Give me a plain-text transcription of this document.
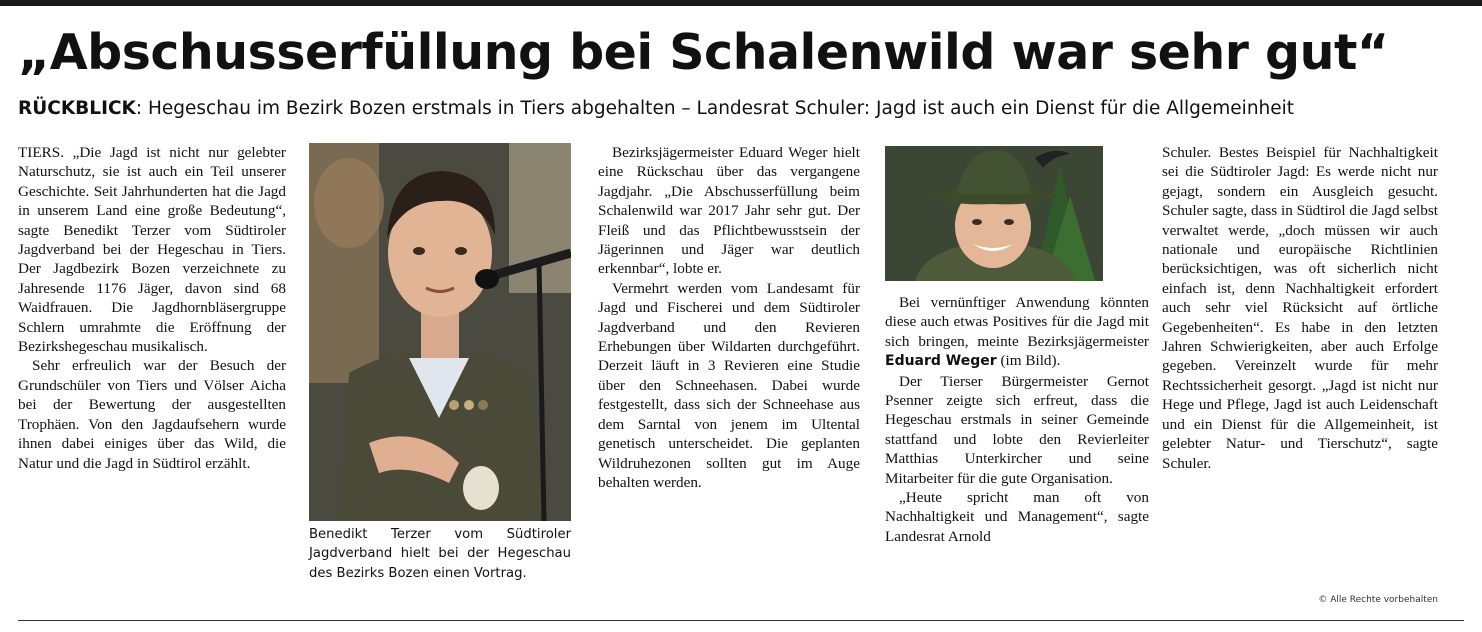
„Abschusserfüllung bei Schalenwild war sehr gut“
RÜCKBLICK: Hegeschau im Bezirk Bozen erstmals in Tiers abgehalten – Landesrat Schuler: Jagd ist auch ein Dienst für die Allgemeinheit

TIERS. „Die Jagd ist nicht nur gelebter Naturschutz, sie ist auch ein Teil unserer Geschichte. Seit Jahrhunderten hat die Jagd in unserem Land eine große Bedeutung“, sagte Benedikt Terzer vom Südtiroler Jagdverband bei der Hegeschau in Tiers. Der Jagdbezirk Bozen verzeichnete zu Jahresende 1176 Jäger, davon sind 68 Waidfrauen. Die Jagdhornbläsergruppe Schlern umrahmte die Eröffnung der Bezirkshegeschau musikalisch.

Sehr erfreulich war der Besuch der Grundschüler von Tiers und Völser Aicha bei der Bewertung der ausgestellten Trophäen. Von den Jagdaufsehern wurde ihnen dabei einiges über das Wild, die Natur und die Jagd in Südtirol erzählt.

Benedikt Terzer vom Südtiroler Jagdverband hielt bei der Hegeschau des Bezirks Bozen einen Vortrag.

Bezirksjägermeister Eduard Weger hielt eine Rückschau über das vergangene Jagdjahr. „Die Abschusserfüllung beim Schalenwild war 2017 Jahr sehr gut. Der Fleiß und das Pflichtbewusstsein der Jägerinnen und Jäger war deutlich erkennbar“, lobte er.

Vermehrt werden vom Landesamt für Jagd und Fischerei und dem Südtiroler Jagdverband und den Revieren Erhebungen über Wildarten durchgeführt. Derzeit läuft in 3 Revieren eine Studie über den Schneehasen. Dabei wurde festgestellt, dass sich der Schneehase aus dem Sarntal von jenem im Ultental genetisch unterscheidet. Die geplanten Wildruhezonen sollten gut im Auge behalten werden.

Bei vernünftiger Anwendung könnten diese auch etwas Positives für die Jagd mit sich bringen, meinte Bezirksjägermeister Eduard Weger (im Bild).

Der Tierser Bürgermeister Gernot Psenner zeigte sich erfreut, dass die Hegeschau erstmals in seiner Gemeinde stattfand und lobte den Revierleiter Matthias Unterkircher und seine Mitarbeiter für die gute Organisation.

„Heute spricht man oft von Nachhaltigkeit und Management“, sagte Landesrat Arnold

Schuler. Bestes Beispiel für Nachhaltigkeit sei die Südtiroler Jagd: Es werde nicht nur gejagt, sondern ein Ausgleich gesucht. Schuler sagte, dass in Südtirol die Jagd selbst verwaltet werde, „doch müssen wir auch nationale und europäische Richtlinien berücksichtigen, was oft sicherlich nicht einfach ist, denn Nachhaltigkeit erfordert auch sehr viel Rücksicht auf örtliche Gegebenheiten“. Es habe in den letzten Jahren Schwierigkeiten, aber auch Erfolge gegeben. Vereinzelt wurde für mehr Rechtssicherheit gesorgt. „Jagd ist nicht nur Hege und Pflege, Jagd ist auch Leidenschaft und ein Dienst für die Allgemeinheit, ist gelebter Natur- und Tierschutz“, sagte Schuler.

© Alle Rechte vorbehalten
